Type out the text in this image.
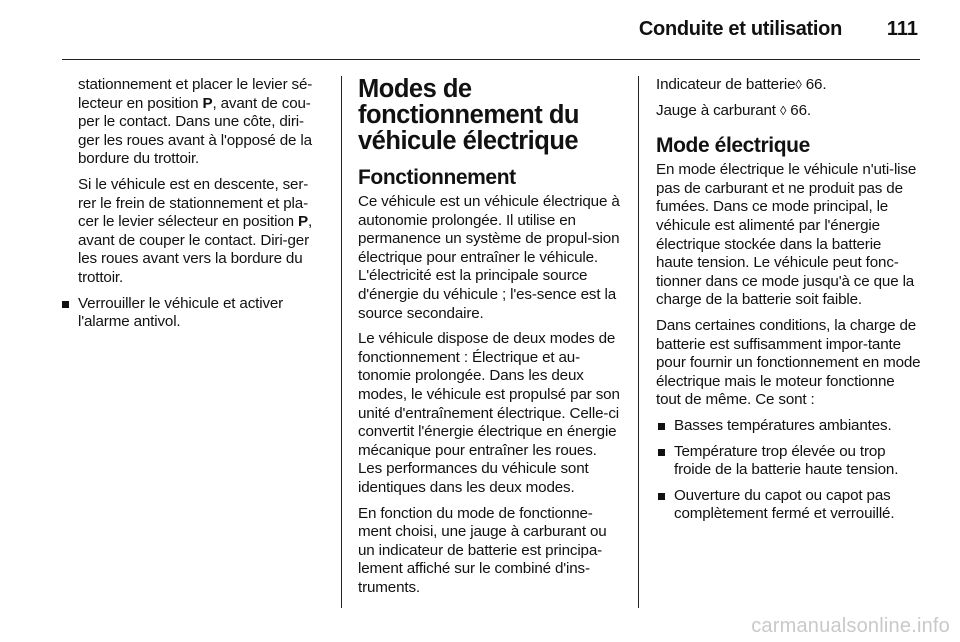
Conduite et utilisation 111

stationnement et placer le levier sé-lecteur en position P, avant de cou-per le contact. Dans une côte, diri-ger les roues avant à l'opposé de la bordure du trottoir.

Si le véhicule est en descente, ser-rer le frein de stationnement et pla-cer le levier sélecteur en position P, avant de couper le contact. Diri-ger les roues avant vers la bordure du trottoir.

Verrouiller le véhicule et activer l'alarme antivol.
Modes de fonctionnement du véhicule électrique
Fonctionnement

Ce véhicule est un véhicule électrique à autonomie prolongée. Il utilise en permanence un système de propul-sion électrique pour entraîner le véhicule. L'électricité est la principale source d'énergie du véhicule ; l'es-sence est la source secondaire.

Le véhicule dispose de deux modes de fonctionnement : Électrique et au-tonomie prolongée. Dans les deux modes, le véhicule est propulsé par son unité d'entraînement électrique. Celle-ci convertit l'énergie électrique en énergie mécanique pour entraîner les roues. Les performances du véhicule sont identiques dans les deux modes.

En fonction du mode de fonctionne-ment choisi, une jauge à carburant ou un indicateur de batterie est principa-lement affiché sur le combiné d'ins-truments.

Indicateur de batterie◊ 66.

Jauge à carburant ◊ 66.

Mode électrique

En mode électrique le véhicule n'uti-lise pas de carburant et ne produit pas de fumées. Dans ce mode principal, le véhicule est alimenté par l'énergie électrique stockée dans la batterie haute tension. Le véhicule peut fonc-tionner dans ce mode jusqu'à ce que la charge de la batterie soit faible.

Dans certaines conditions, la charge de batterie est suffisamment impor-tante pour fournir un fonctionnement en mode électrique mais le moteur fonctionne tout de même. Ce sont :

Basses températures ambiantes.
Température trop élevée ou trop froide de la batterie haute tension.
Ouverture du capot ou capot pas complètement fermé et verrouillé.
carmanualsonline.info
